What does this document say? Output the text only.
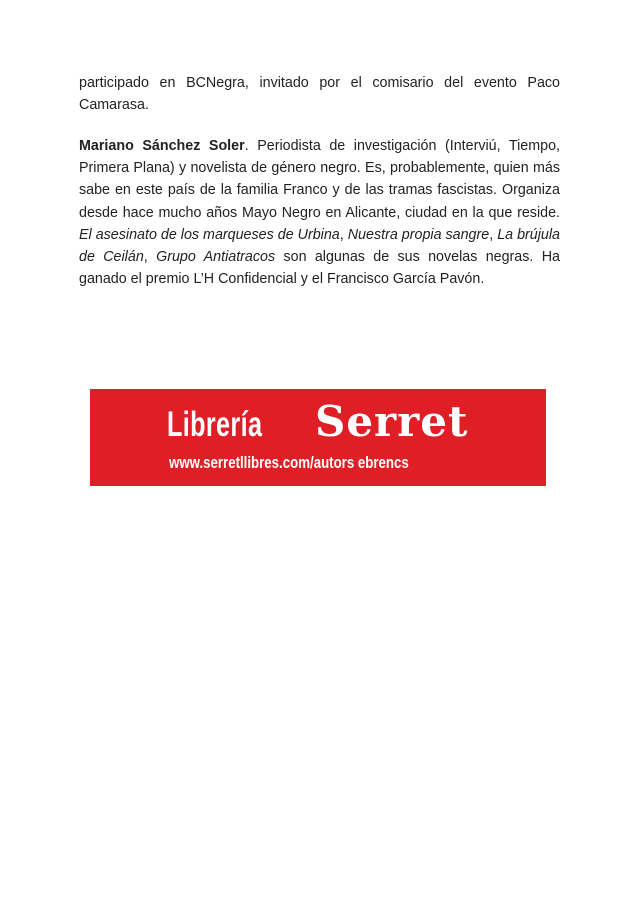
participado en BCNegra, invitado por el comisario del evento Paco Camarasa.

Mariano Sánchez Soler. Periodista de investigación (Interviú, Tiempo, Primera Plana) y novelista de género negro. Es, probablemente, quien más sabe en este país de la familia Franco y de las tramas fascistas. Organiza desde hace mucho años Mayo Negro en Alicante, ciudad en la que reside. El asesinato de los marqueses de Urbina, Nuestra propia sangre, La brújula de Ceilán, Grupo Antiatracos son algunas de sus novelas negras. Ha ganado el premio L’H Confidencial y el Francisco García Pavón.

Librería Serret
www.serretllibres.com/autors ebrencs
